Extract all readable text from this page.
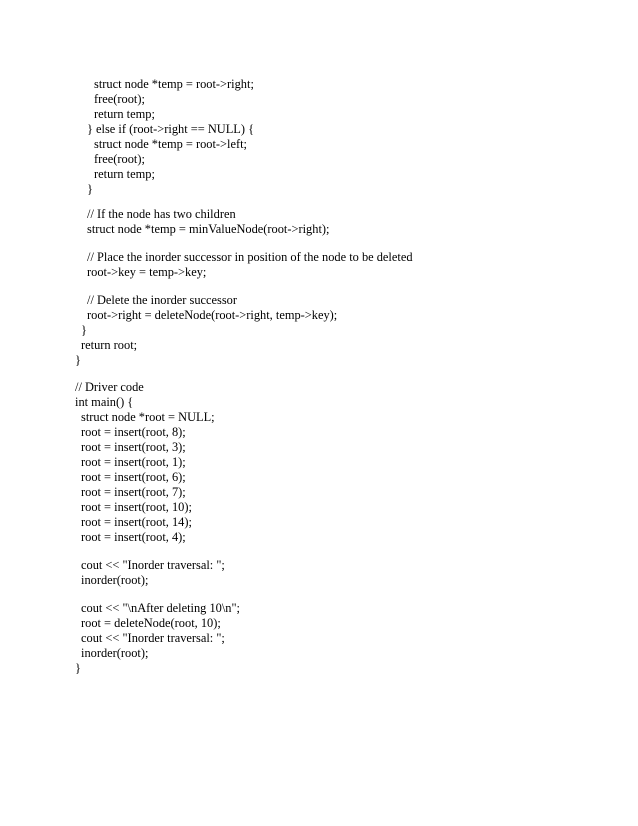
struct node *temp = root->right;
free(root);
return temp;
} else if (root->right == NULL) {
struct node *temp = root->left;
free(root);
return temp;
}
// If the node has two children
struct node *temp = minValueNode(root->right);
// Place the inorder successor in position of the node to be deleted
root->key = temp->key;
// Delete the inorder successor
root->right = deleteNode(root->right, temp->key);
}
return root;
}
// Driver code
int main() {
struct node *root = NULL;
root = insert(root, 8);
root = insert(root, 3);
root = insert(root, 1);
root = insert(root, 6);
root = insert(root, 7);
root = insert(root, 10);
root = insert(root, 14);
root = insert(root, 4);
cout << "Inorder traversal: ";
inorder(root);
cout << "\nAfter deleting 10\n";
root = deleteNode(root, 10);
cout << "Inorder traversal: ";
inorder(root);
}
